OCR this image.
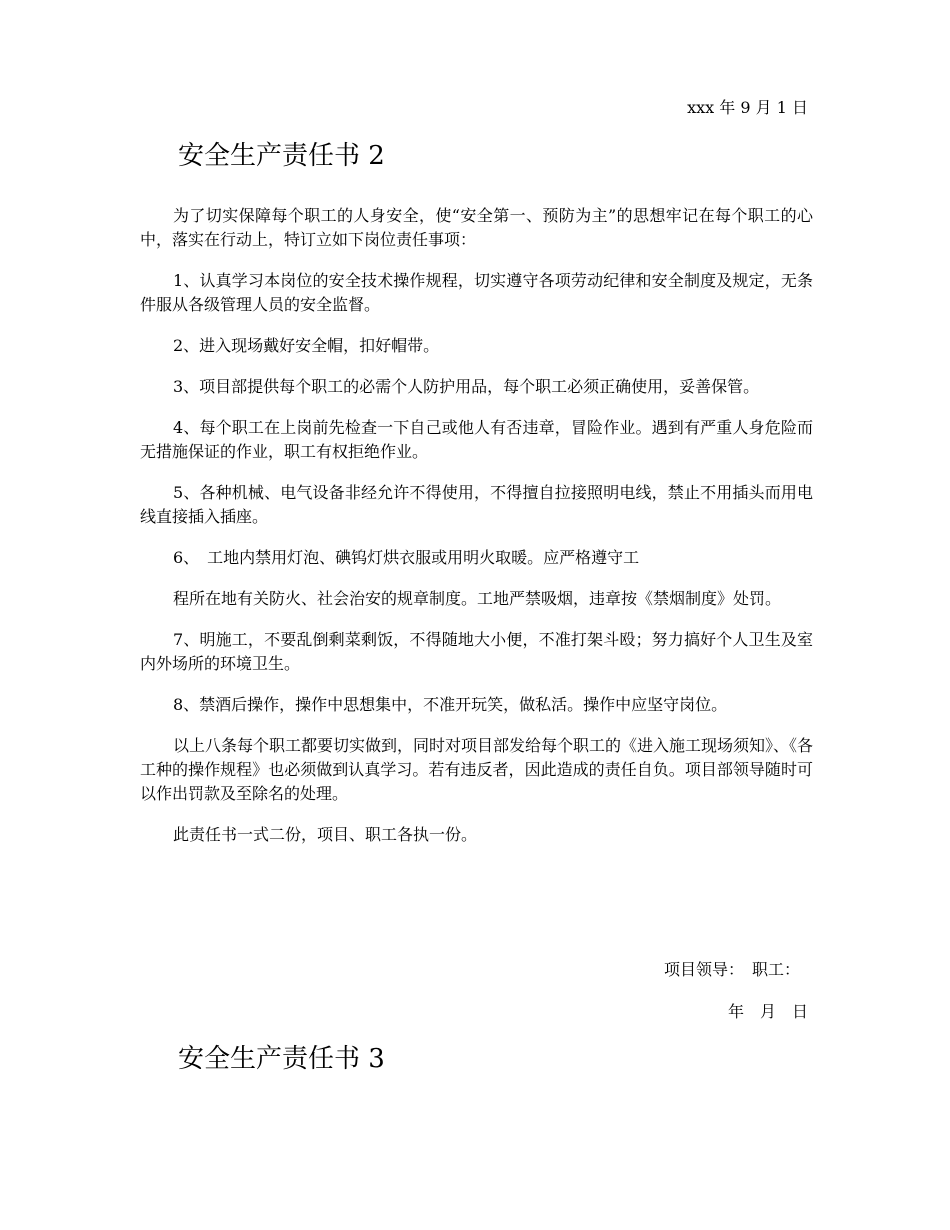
xxx 年 9 月 1 日
安全生产责任书 2

为了切实保障每个职工的人身安全，使“安全第一、预防为主”的思想牢记在每个职工的心中，落实在行动上，特订立如下岗位责任事项：

1、认真学习本岗位的安全技术操作规程，切实遵守各项劳动纪律和安全制度及规定，无条件服从各级管理人员的安全监督。

2、进入现场戴好安全帽，扣好帽带。

3、项目部提供每个职工的必需个人防护用品，每个职工必须正确使用，妥善保管。

4、每个职工在上岗前先检查一下自己或他人有否违章，冒险作业。遇到有严重人身危险而无措施保证的作业，职工有权拒绝作业。

5、各种机械、电气设备非经允许不得使用，不得擅自拉接照明电线，禁止不用插头而用电线直接插入插座。

6、　工地内禁用灯泡、碘钨灯烘衣服或用明火取暖。应严格遵守工

程所在地有关防火、社会治安的规章制度。工地严禁吸烟，违章按《禁烟制度》处罚。

7、明施工，不要乱倒剩菜剩饭，不得随地大小便，不准打架斗殴；努力搞好个人卫生及室内外场所的环境卫生。

8、禁酒后操作，操作中思想集中，不准开玩笑，做私活。操作中应坚守岗位。

以上八条每个职工都要切实做到，同时对项目部发给每个职工的《进入施工现场须知》、《各工种的操作规程》也必须做到认真学习。若有违反者，因此造成的责任自负。项目部领导随时可以作出罚款及至除名的处理。

此责任书一式二份，项目、职工各执一份。

项目领导：　职工：
年　月　日
安全生产责任书 3
